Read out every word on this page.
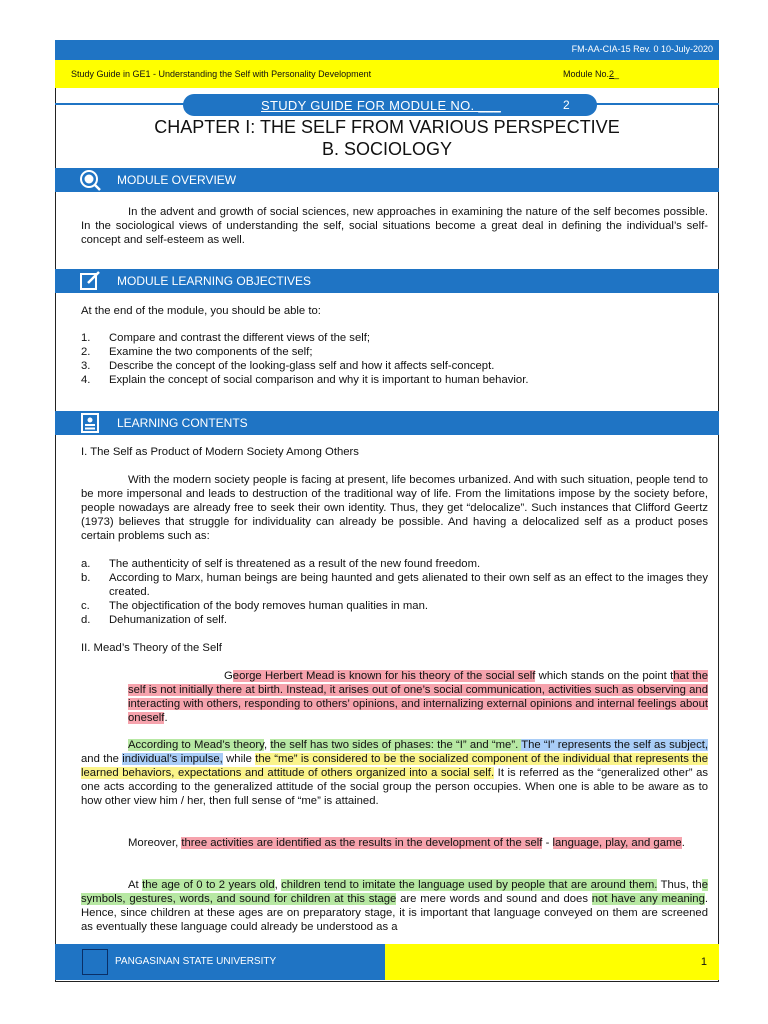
FM-AA-CIA-15 Rev. 0 10-July-2020
Study Guide in GE1 - Understanding the Self with Personality Development	Module No.2_
STUDY GUIDE FOR MODULE NO. ___	2
CHAPTER I: THE SELF FROM VARIOUS PERSPECTIVE
B. SOCIOLOGY
MODULE OVERVIEW
In the advent and growth of social sciences, new approaches in examining the nature of the self becomes possible. In the sociological views of understanding the self, social situations become a great deal in defining the individual’s self-concept and self-esteem as well.
MODULE LEARNING OBJECTIVES
At the end of the module, you should be able to:
1. Compare and contrast the different views of the self;
2. Examine the two components of the self;
3. Describe the concept of the looking-glass self and how it affects self-concept.
4. Explain the concept of social comparison and why it is important to human behavior.
LEARNING CONTENTS
I. The Self as Product of Modern Society Among Others
With the modern society people is facing at present, life becomes urbanized. And with such situation, people tend to be more impersonal and leads to destruction of the traditional way of life. From the limitations impose by the society before, people nowadays are already free to seek their own identity. Thus, they get “delocalize”. Such instances that Clifford Geertz (1973) believes that struggle for individuality can already be possible. And having a delocalized self as a product poses certain problems such as:
a. The authenticity of self is threatened as a result of the new found freedom.
b. According to Marx, human beings are being haunted and gets alienated to their own self as an effect to the images they created.
c. The objectification of the body removes human qualities in man.
d. Dehumanization of self.
II. Mead’s Theory of the Self
George Herbert Mead is known for his theory of the social self which stands on the point that the self is not initially there at birth. Instead, it arises out of one’s social communication, activities such as observing and interacting with others, responding to others’ opinions, and internalizing external opinions and internal feelings about oneself.
According to Mead’s theory, the self has two sides of phases: the “I” and “me”. The “I” represents the self as subject, and the individual’s impulse, while the “me” is considered to be the socialized component of the individual that represents the learned behaviors, expectations and attitude of others organized into a social self. It is referred as the “generalized other” as one acts according to the generalized attitude of the social group the person occupies. When one is able to be aware as to how other view him / her, then full sense of “me” is attained.
Moreover, three activities are identified as the results in the development of the self - language, play, and game.
At the age of 0 to 2 years old, children tend to imitate the language used by people that are around them. Thus, the symbols, gestures, words, and sound for children at this stage are mere words and sound and does not have any meaning. Hence, since children at these ages are on preparatory stage, it is important that language conveyed on them are screened as eventually these language could already be understood as a
PANGASINAN STATE UNIVERSITY	1
